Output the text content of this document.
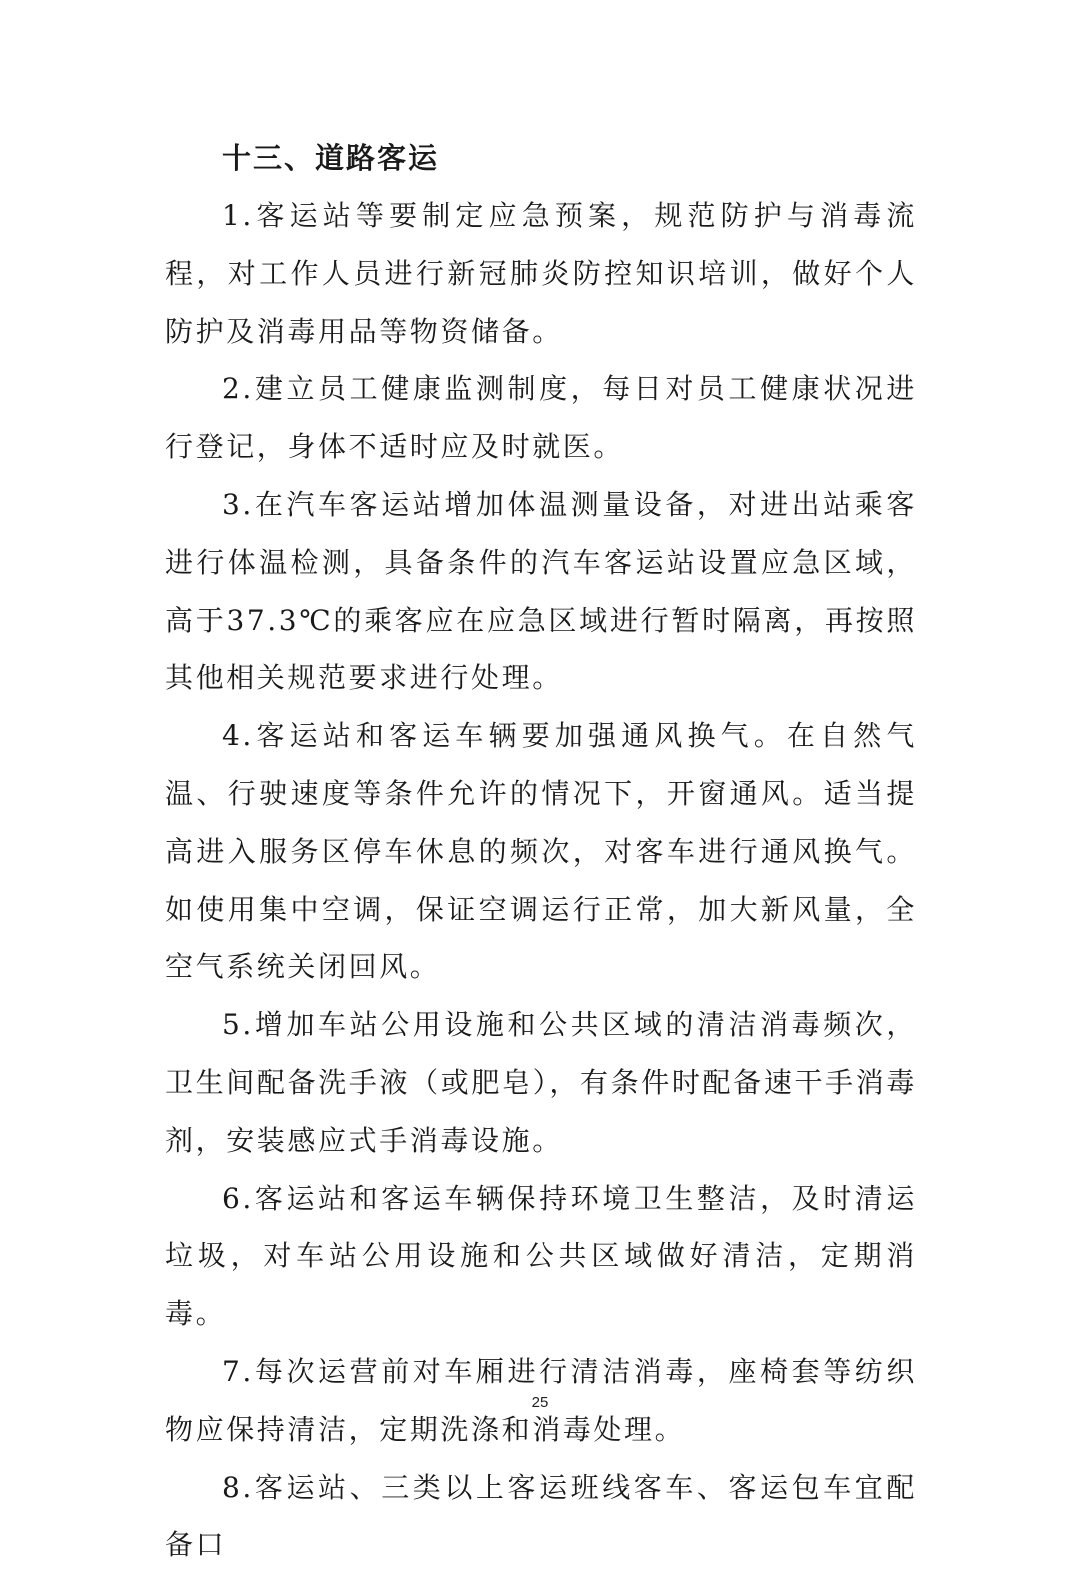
十三、道路客运

1.客运站等要制定应急预案，规范防护与消毒流程，对工作人员进行新冠肺炎防控知识培训，做好个人防护及消毒用品等物资储备。

2.建立员工健康监测制度，每日对员工健康状况进行登记，身体不适时应及时就医。

3.在汽车客运站增加体温测量设备，对进出站乘客进行体温检测，具备条件的汽车客运站设置应急区域，高于37.3℃的乘客应在应急区域进行暂时隔离，再按照其他相关规范要求进行处理。

4.客运站和客运车辆要加强通风换气。在自然气温、行驶速度等条件允许的情况下，开窗通风。适当提高进入服务区停车休息的频次，对客车进行通风换气。如使用集中空调，保证空调运行正常，加大新风量，全空气系统关闭回风。

5.增加车站公用设施和公共区域的清洁消毒频次，卫生间配备洗手液（或肥皂），有条件时配备速干手消毒剂，安装感应式手消毒设施。

6.客运站和客运车辆保持环境卫生整洁，及时清运垃圾，对车站公用设施和公共区域做好清洁，定期消毒。

7.每次运营前对车厢进行清洁消毒，座椅套等纺织物应保持清洁，定期洗涤和消毒处理。

8.客运站、三类以上客运班线客车、客运包车宜配备口

25
